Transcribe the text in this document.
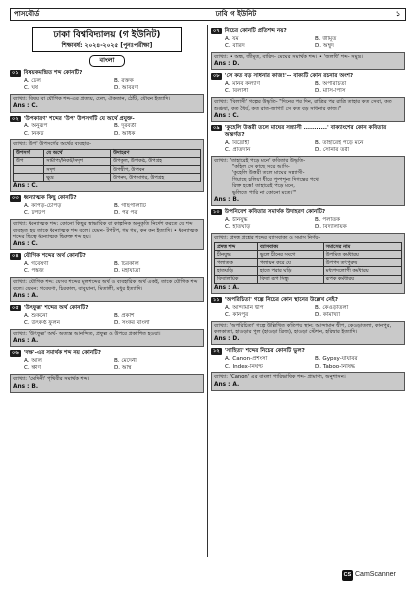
পাসবৌর্ড	ঢাবি গ ইউনিট	১
ঢাকা বিশ্ববিদ্যালয় (গ ইউনিট)
শিক্ষাবর্ষ: ২০২৪-২০২৫ [পুনঃপরীক্ষা]
বাংলা
০১ বিষয়কমন্দ্রিত শব্দ কোনটি?
A. ঢেল	B. রক্তক
C. ঘর্ষ	D. আবরণ
ব্যাখ্যা: বিষয় বা যৌগিক শব্দ-এর প্রত্যয়, ঢেল, ঐকতান, ঠোঁট, যৌবন ইত্যাদি।
Ans : C.
০২ 'উপকারণ' শব্দের 'উপ' উপসর্গটি যে অর্থে প্রযুক্ত-
A. অনুরূপ	B. দূরবর্তী
C. নিকট	D. অধিক
ব্যাখ্যা: উপ' উপসর্গের অর্থের ব্যবহার-
উপসর্গ	যে অর্থে	উদাহরণ
উপ	সামীপ্য/নিকট/সদৃশ	উপকূল, উপকণ্ঠ, উপগ্রহ
	সদৃশ	উপদ্বীপ, উপবন
	ক্ষুদ্র	উপনদ, উপসাগর, উপগ্রহ
Ans : C.
০৩ ধ্বন্যাত্মক কিছু কোনটি?
A. কাপড়-চোপড়	B. গাছপালাটি
C. টপটপ	D. পর পর
ব্যাখ্যা: ধ্বন্যাত্মক শব্দ: কোনো কিছুর স্বাভাবিক বা কাল্পনিক অনুকৃতি নির্দেশ করতে যে শব্দ ব্যবহৃত হয় তাকে ধ্বন্যাত্মক শব্দ বলে। যেমন- টপটপ, গম গম, কন কন ইত্যাদি। • ধ্বন্যাত্মক শব্দের দ্বিত্বে ধ্বন্যাত্মক দ্বিরুক্ত শব্দ হয়।
Ans : C.
০৪ যৌগিক শব্দের অর্থ কোনটি?
A. গবেষণা	B. চিরকাল
C. পঙ্কজ	D. মহাযাত্রা
ব্যাখ্যা: যৌগিক শব্দ: যেসব শব্দের মূলশব্দের অর্থ ও ব্যবহারিক অর্থ একই, তাকে যৌগিক শব্দ বলে। যেমন: গবেষণা, চিরকাল, বাবুয়ানা, মিতালী, মধুর ইত্যাদি।
Ans : A.
০৫ 'উৎফুল্ল' শব্দের অর্থ কোনটি?
A. শুকনো	B. প্রকাশ
C. উৎকণ্ঠ ফুলন	D. সংকর বাংলা
ব্যাখ্যা: 'উৎফুল্ল' অর্থ- অত্যন্ত আনন্দিত, প্রফুল্ল ও উপরে প্রকাশিত হওয়া।
Ans : A.
০৬ 'দক্ষ'-এর সমার্থক শব্দ নয় কোনটি?
A. আল	B. মেদেনী
C. ক্ষীণ	D. অম্বি
ব্যাখ্যা: 'মেদিনী' পৃথিবীর সমার্থক শব্দ।
Ans : B.
০৭ নিচের কোনটি প্রতিশব্দ নয়?
A. যম	B. জীমূত
C. বারিদ	D. অম্বুদ
ব্যাখ্যা: • অন্ধ, জীমূত, বারিদ- মেঘের সমার্থক শব্দ। • 'জলধি' শব্দ- সমুদ্র।
Ans : D.
০৮ 'সে কত বড় সাধনার কাজ!'-- বাক্যটি কোন রচনার অংশ?
A. মানব কল্যাণ	B. অপরিচিতা
C. বিলাসী	D. মাসি-পিসি
ব্যাখ্যা: 'বিলাসী' গল্পের উদ্ধৃতি- "দিনের পর দিন, রাত্রির পর রাত্রি তাহার কত সেবা, কত শুশ্রূষা, কত ধৈর্য, কত রাত-জাগা! সে কত বড় সাধনার কাজ।"
Ans : C.
০৯ 'কুহেলি উত্তরী তলে মাঘের সন্ন্যাসী ...........' বাক্যাংশের কোন কবিতার অন্তর্গত?
A. বিদ্রোহী	B. তাহারেই পড়ে মনে
C. প্রতিদান	D. সোনার তরী
ব্যাখ্যা: 'তাহারেই পড়ে মনে' কবিতার উদ্ধৃতি-
"কহিল সে কাছে সরে আসি-
'কুহেলি উত্তরী তলে মাঘের সন্ন্যাসী-
গিয়াছে চলিয়া ধীরে পুষ্পশূন্য দিগন্তের পথে
রিক্ত হস্তে! তাহারেই পড়ে মনে,
ভুলিতে পারি না কোনো মতে।'"
Ans : B.
১০ উপনিবেশ কবিতার সমার্থক উদাহরণ কোনটি?
A. চীনযুদ্ধ	B. পলাতক
C. হাতঘড়ি	D. বিদ্যালয়িক
ব্যাখ্যা: প্রদত্ত প্রশ্নের শব্দের ব্যাসবাক্য ও সমাস নির্ণয়-
প্রদত্ত শব্দ	ব্যাসবাক্য	সমাসের নাম
চীনযুদ্ধ	ভুলে চীনের সংগে	উপমিত কর্মধারয়
পলাতক	পলায়ন করে যে	উপপদ তৎপুরুষ
হাতঘড়ি	হাতে পরার ঘড়ি	মধ্যপদলোপী কর্মধারয়
বিদ্যালয়িক	বিদ্যা রূপ সিন্ধু	রূপক কর্মধারয়
Ans : A.
১১ 'অপরিচিতা' গল্পে নিচের কোন স্থানের উল্লেখ নেই?
A. আন্দামান দ্বীপ	B. কেওড়াতলা
C. কানপুর	D. কামাখ্যা
ব্যাখ্যা: 'অপরিচিতা' গল্পে উল্লিখিত কতিপয় স্থান: আন্দামান দ্বীপ, কেওড়াতলা, কানপুর, কলকাতা, হাওড়ার পুল (হাওড়া ব্রিজ), হাওড়া স্টেশন, হরিদ্বার ইত্যাদি।
Ans : D.
১২ 'সাহিত্য' শব্দের নিচের কোনটি ভুল?
A. Canon-প্রশংসা	B. Gypsy-যাযাবর
C. Index-নির্ঘণ্ট	D. Taboo-নিষিদ্ধ
ব্যাখ্যা: 'Canon' এর বাংলা পারিভাষিক শব্দ- প্রামাণ্য, অনুশাসন।
Ans : A.
CS CamScanner
